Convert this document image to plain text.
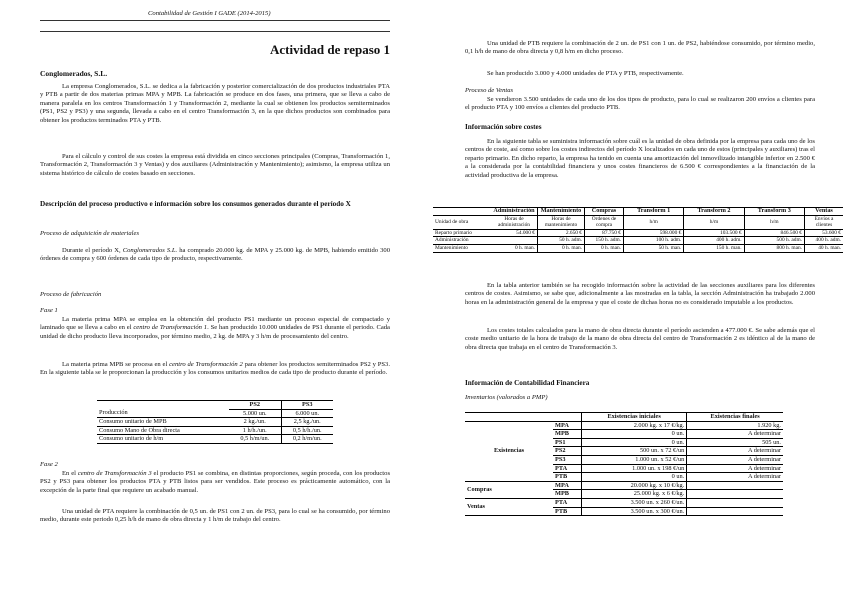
Contabilidad de Gestión I GADE (2014-2015)
Actividad de repaso 1
Conglomerados, S.L.

La empresa Conglomerados, S.L. se dedica a la fabricación y posterior comercialización de dos productos industriales PTA y PTB a partir de dos materias primas MPA y MPB. La fabricación se produce en dos fases, una primera, que se lleva a cabo de manera paralela en los centros Transformación 1 y Transformación 2, mediante la cual se obtienen los productos semiterminados (PS1, PS2 y PS3) y una segunda, llevada a cabo en el centro Transformación 3, en la que dichos productos son combinados para obtener los productos terminados PTA y PTB.

Para el cálculo y control de sus costes la empresa está dividida en cinco secciones principales (Compras, Transformación 1, Transformación 2, Transformación 3 y Ventas) y dos auxiliares (Administración y Mantenimiento); asimismo, la empresa utiliza un sistema histórico de cálculo de costes basado en secciones.

Descripción del proceso productivo e información sobre los consumos generados durante el período X

Proceso de adquisición de materiales

Durante el período X, Conglomerados S.L. ha comprado 20.000 kg. de MPA y 25.000 kg. de MPB, habiendo emitido 300 órdenes de compra y 600 órdenes de cada tipo de producto, respectivamente.

Proceso de fabricación
Fase 1

La materia prima MPA se emplea en la obtención del producto PS1 mediante un proceso especial de compactado y laminado que se lleva a cabo en el centro de Transformación 1. Se han producido 10.000 unidades de PS1 durante el periodo. Cada unidad de dicho producto lleva incorporados, por término medio, 2 kg. de MPA y 3 h/m de procesamiento del centro.

La materia prima MPB se procesa en el centro de Transformación 2 para obtener los productos semiterminados PS2 y PS3. En la siguiente tabla se le proporcionan la producción y los consumos unitarios medios de cada tipo de producto durante el período.

	PS2	PS3
Producción	5.000 un.	6.000 un.
Consumo unitario de MPB	2 kg./un.	2,5 kg./un.
Consumo Mano de Obra directa	1 h/h./un.	0,5 h/h./un.
Consumo unitario de h/m	0,5 h/m/un.	0,2 h/m/un.
Fase 2

En el centro de Transformación 3 el producto PS1 se combina, en distintas proporciones, según proceda, con los productos PS2 y PS3 para obtener los productos PTA y PTB listos para ser vendidos. Este proceso es prácticamente automático, con la excepción de la parte final que requiere un acabado manual.

Una unidad de PTA requiere la combinación de 0,5 un. de PS1 con 2 un. de PS3, para lo cual se ha consumido, por término medio, durante este periodo 0,25 h/h de mano de obra directa y 1 h/m de trabajo del centro.

Una unidad de PTB requiere la combinación de 2 un. de PS1 con 1 un. de PS2, habiéndose consumido, por término medio, 0,1 h/h de mano de obra directa y 0,8 h/m en dicho proceso.

Se han producido 3.000 y 4.000 unidades de PTA y PTB, respectivamente.

Proceso de Ventas

Se vendieron 3.500 unidades de cada uno de los dos tipos de producto, para lo cual se realizaron 200 envíos a clientes para el producto PTA y 100 envíos a clientes del producto PTB.

Información sobre costes

En la siguiente tabla se suministra información sobre cuál es la unidad de obra definida por la empresa para cada uno de los centros de coste, así como sobre los costes indirectos del período X localizados en cada uno de estos (principales y auxiliares) tras el reparto primario. En dicho reparto, la empresa ha tenido en cuenta una amortización del inmovilizado intangible inferior en 2.500 € a la considerada por la contabilidad financiera y unos costes financieros de 6.500 € correspondientes a la financiación de la actividad productiva de la empresa.

	Administración	Mantenimiento	Compras	Transform 1	Transform 2	Transform 3	Ventas
Unidad de obra	Horas de administración	Horas de mantenimiento	Órdenes de compra	h/m	h/m	h/m	Envíos a clientes
Reparto primario	54.000 €	2.650 €	87.750 €	598.000 €	103.500 €	846.500 €	53.600 €
Administración		50 h. adm.	150 h. adm.	100 h. adm.	400 h. adm.	500 h. adm.	400 h. adm.
Mantenimiento	0 h. man.	0 h. man.	0 h. man.	50 h. man.	150 h. man.	800 h. man.	40 h. man.

En la tabla anterior también se ha recogido información sobre la actividad de las secciones auxiliares para los diferentes centros de costes. Asimismo, se sabe que, adicionalmente a las mostradas en la tabla, la sección Administración ha trabajado 2.000 horas en la administración general de la empresa y que el coste de dichas horas no es considerado imputable a los productos.

Los costes totales calculados para la mano de obra directa durante el período ascienden a 477.000 €. Se sabe además que el coste medio unitario de la hora de trabajo de la mano de obra directa del centro de Transformación 2 es idéntico al de la mano de obra directa que trabaja en el centro de Transformación 3.

Información de Contabilidad Financiera
Inventarios (valorados a PMP)
		Existencias iniciales	Existencias finales
Existencias	MPA	2.000 kg. x 17 €/kg.	1.920 kg.
	MPB	0 un.	A determinar
	PS1	0 un.	505 un.
	PS2	500 un. x 72 €/un	A determinar
	PS3	1.000 un. x 52 €/un	A determinar
	PTA	1.000 un. x 198 €/un	A determinar
	PTB	0 un.	A determinar
Compras	MPA	20.000 kg. x 10 €/kg.	
	MPB	25.000 kg. x 6 €/kg.	
Ventas	PTA	3.500 un. x 260 €/un.	
	PTB	3.500 un. x 300 €/un.	
